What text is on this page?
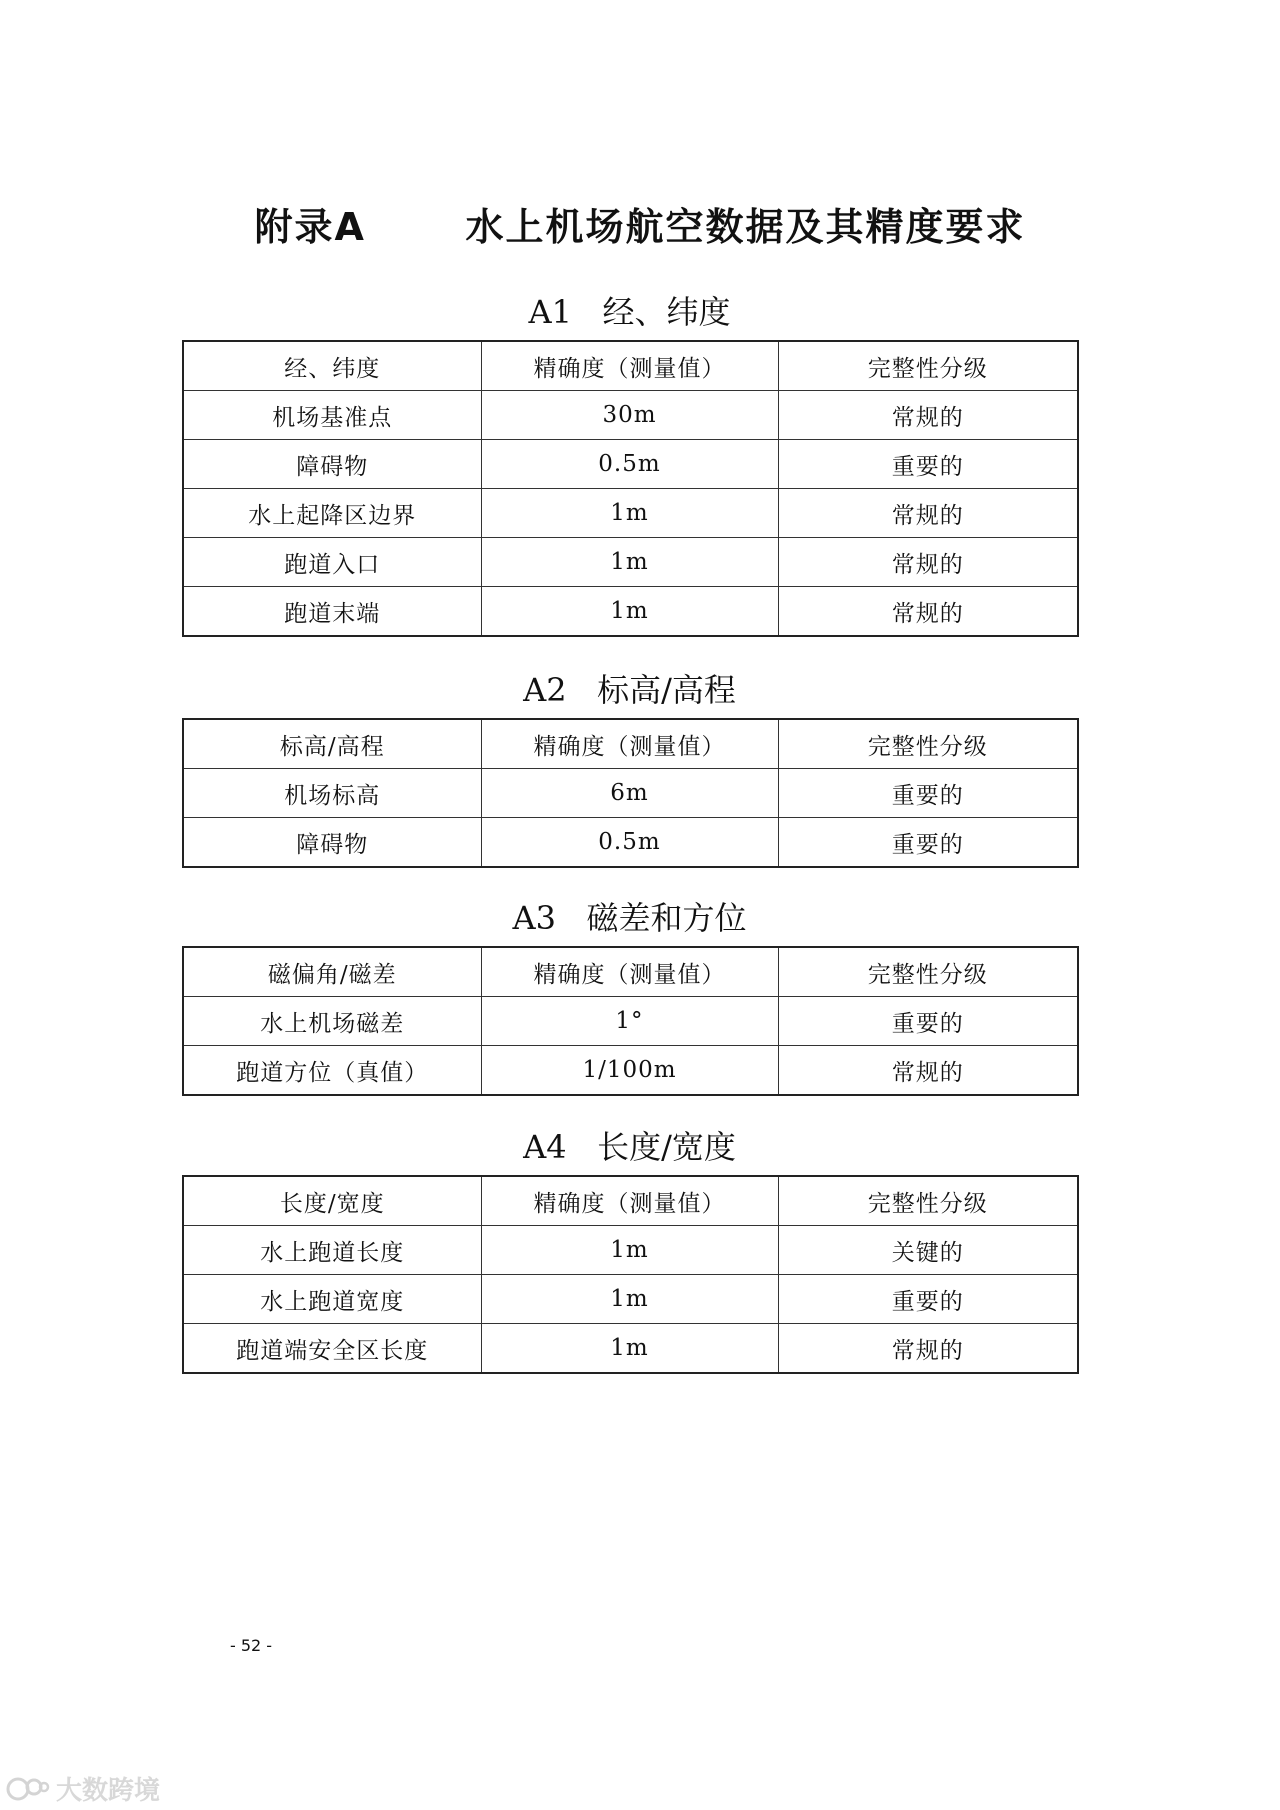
附录A   水上机场航空数据及其精度要求
A1   经、纬度
经、纬度	精确度（测量值）	完整性分级
机场基准点	30m	常规的
障碍物	0.5m	重要的
水上起降区边界	1m	常规的
跑道入口	1m	常规的
跑道末端	1m	常规的
A2   标高/高程
标高/高程	精确度（测量值）	完整性分级
机场标高	6m	重要的
障碍物	0.5m	重要的
A3   磁差和方位
磁偏角/磁差	精确度（测量值）	完整性分级
水上机场磁差	1°	重要的
跑道方位（真值）	1/100m	常规的
A4   长度/宽度
长度/宽度	精确度（测量值）	完整性分级
水上跑道长度	1m	关键的
水上跑道宽度	1m	重要的
跑道端安全区长度	1m	常规的
- 52 -
大数跨境
